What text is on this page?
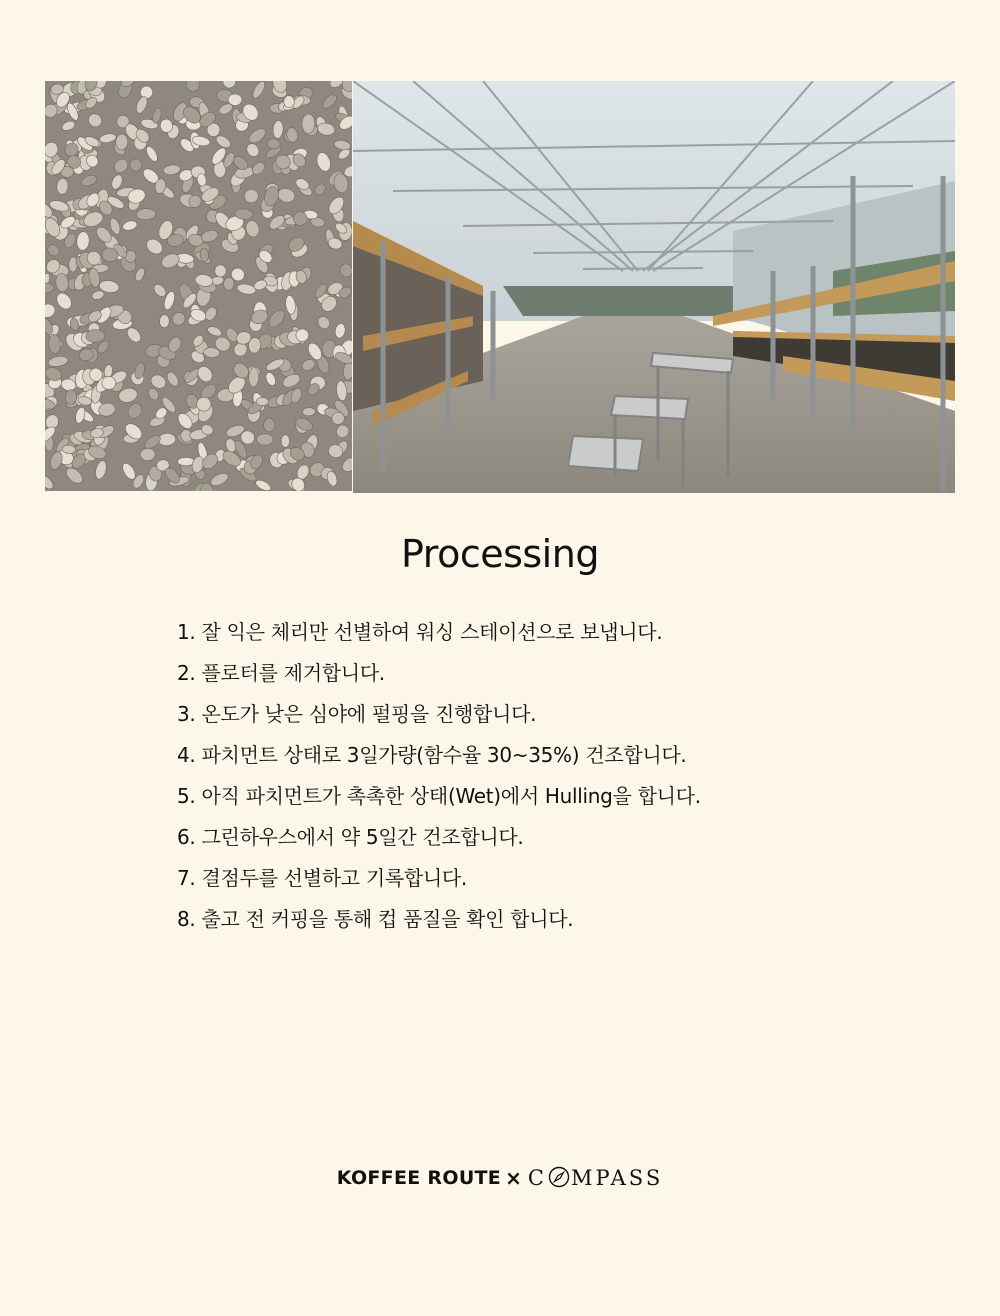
Processing
1. 잘 익은 체리만 선별하여 워싱 스테이션으로 보냅니다.
2. 플로터를 제거합니다.
3. 온도가 낮은 심야에 펄핑을 진행합니다.
4. 파치먼트 상태로 3일가량(함수율 30~35%) 건조합니다.
5. 아직 파치먼트가 촉촉한 상태(Wet)에서 Hulling을 합니다.
6. 그린하우스에서 약 5일간 건조합니다.
7. 결점두를 선별하고 기록합니다.
8. 출고 전 커핑을 통해 컵 품질을 확인 합니다.
KOFFEE ROUTE × C MPASS
